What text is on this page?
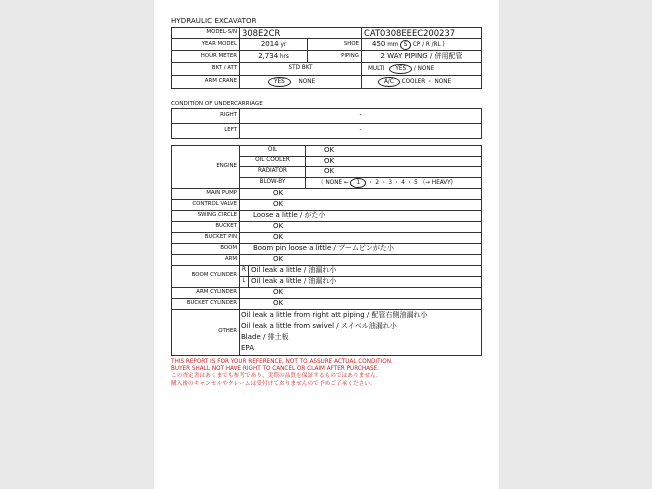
HYDRAULIC EXCAVATOR
MODEL-S/N	308E2CR		CAT0308EEEC200237
YEAR MODEL	2014 yr	SHOE	450 mm S CP / R /RL )
HOUR METER	2,734 hrs	PIPING	2 WAY PIPING / 併用配管
BKT / ATT	STD BKT		MULTI YES / NONE
ARM CRANE	YES NONE		A/C COOLER ・ NONE
CONDITION OF UNDERCARRIAGE
RIGHT	-
LEFT	-
ENGINE	OIL		OK
	OIL COOLER		OK
	RADIATOR		OK
	BLOW-BY		（ NONE ← 1 ・ 2 ・ 3 ・ 4 ・ 5 （→ HEAVY)
MAIN PUMP	OK		
CONTROL VALVE	OK		
SWING CIRCLE	Loose a little / がた小		
BUCKET	OK		
BUCKET PIN	OK		
BOOM	Boom pin loose a little / ブームピンがた小		
ARM	OK		
BOOM CYLINDER	R	Oil leak a little / 油漏れ小	
	L	Oil leak a little / 油漏れ小	
ARM CYLINDER	OK		
BUCKET CYLINDER	OK		
OTHER	Oil leak a little from right att piping / 配管右側油漏れ小
Oil leak a little from swivel / スイベル油漏れ小
Blade / 排土板
EPA		
THIS REPORT IS FOR YOUR REFERENCE, NOT TO ASSURE ACTUAL CONDITION.
BUYER SHALL NOT HAVE RIGHT TO CANCEL OR CLAIM AFTER PURCHASE.
この査定書はあくまでも参考であり、実際の品質を保証するものではありません。
購入後のキャンセルやクレームは受付けておりませんので予めご了承ください。
